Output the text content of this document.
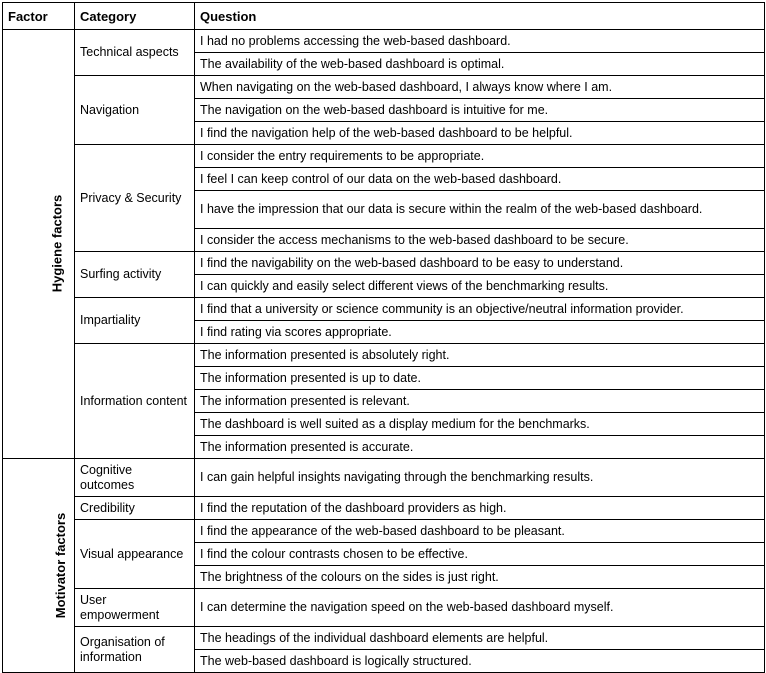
Factor	Category	Question
Hygiene factors	Technical aspects	I had no problems accessing the web-based dashboard.
		The availability of the web-based dashboard is optimal.
	Navigation	When navigating on the web-based dashboard, I always know where I am.
		The navigation on the web-based dashboard is intuitive for me.
		I find the navigation help of the web-based dashboard to be helpful.
	Privacy & Security	I consider the entry requirements to be appropriate.
		I feel I can keep control of our data on the web-based dashboard.
		I have the impression that our data is secure within the realm of the web-based dashboard.
		I consider the access mechanisms to the web-based dashboard to be secure.
	Surfing activity	I find the navigability on the web-based dashboard to be easy to understand.
		I can quickly and easily select different views of the benchmarking results.
	Impartiality	I find that a university or science community is an objective/neutral information provider.
		I find rating via scores appropriate.
	Information content	The information presented is absolutely right.
		The information presented is up to date.
		The information presented is relevant.
		The dashboard is well suited as a display medium for the benchmarks.
		The information presented is accurate.
Motivator factors	Cognitive outcomes	I can gain helpful insights navigating through the benchmarking results.
	Credibility	I find the reputation of the dashboard providers as high.
	Visual appearance	I find the appearance of the web-based dashboard to be pleasant.
		I find the colour contrasts chosen to be effective.
		The brightness of the colours on the sides is just right.
	User empowerment	I can determine the navigation speed on the web-based dashboard myself.
	Organisation of information	The headings of the individual dashboard elements are helpful.
		The web-based dashboard is logically structured.
